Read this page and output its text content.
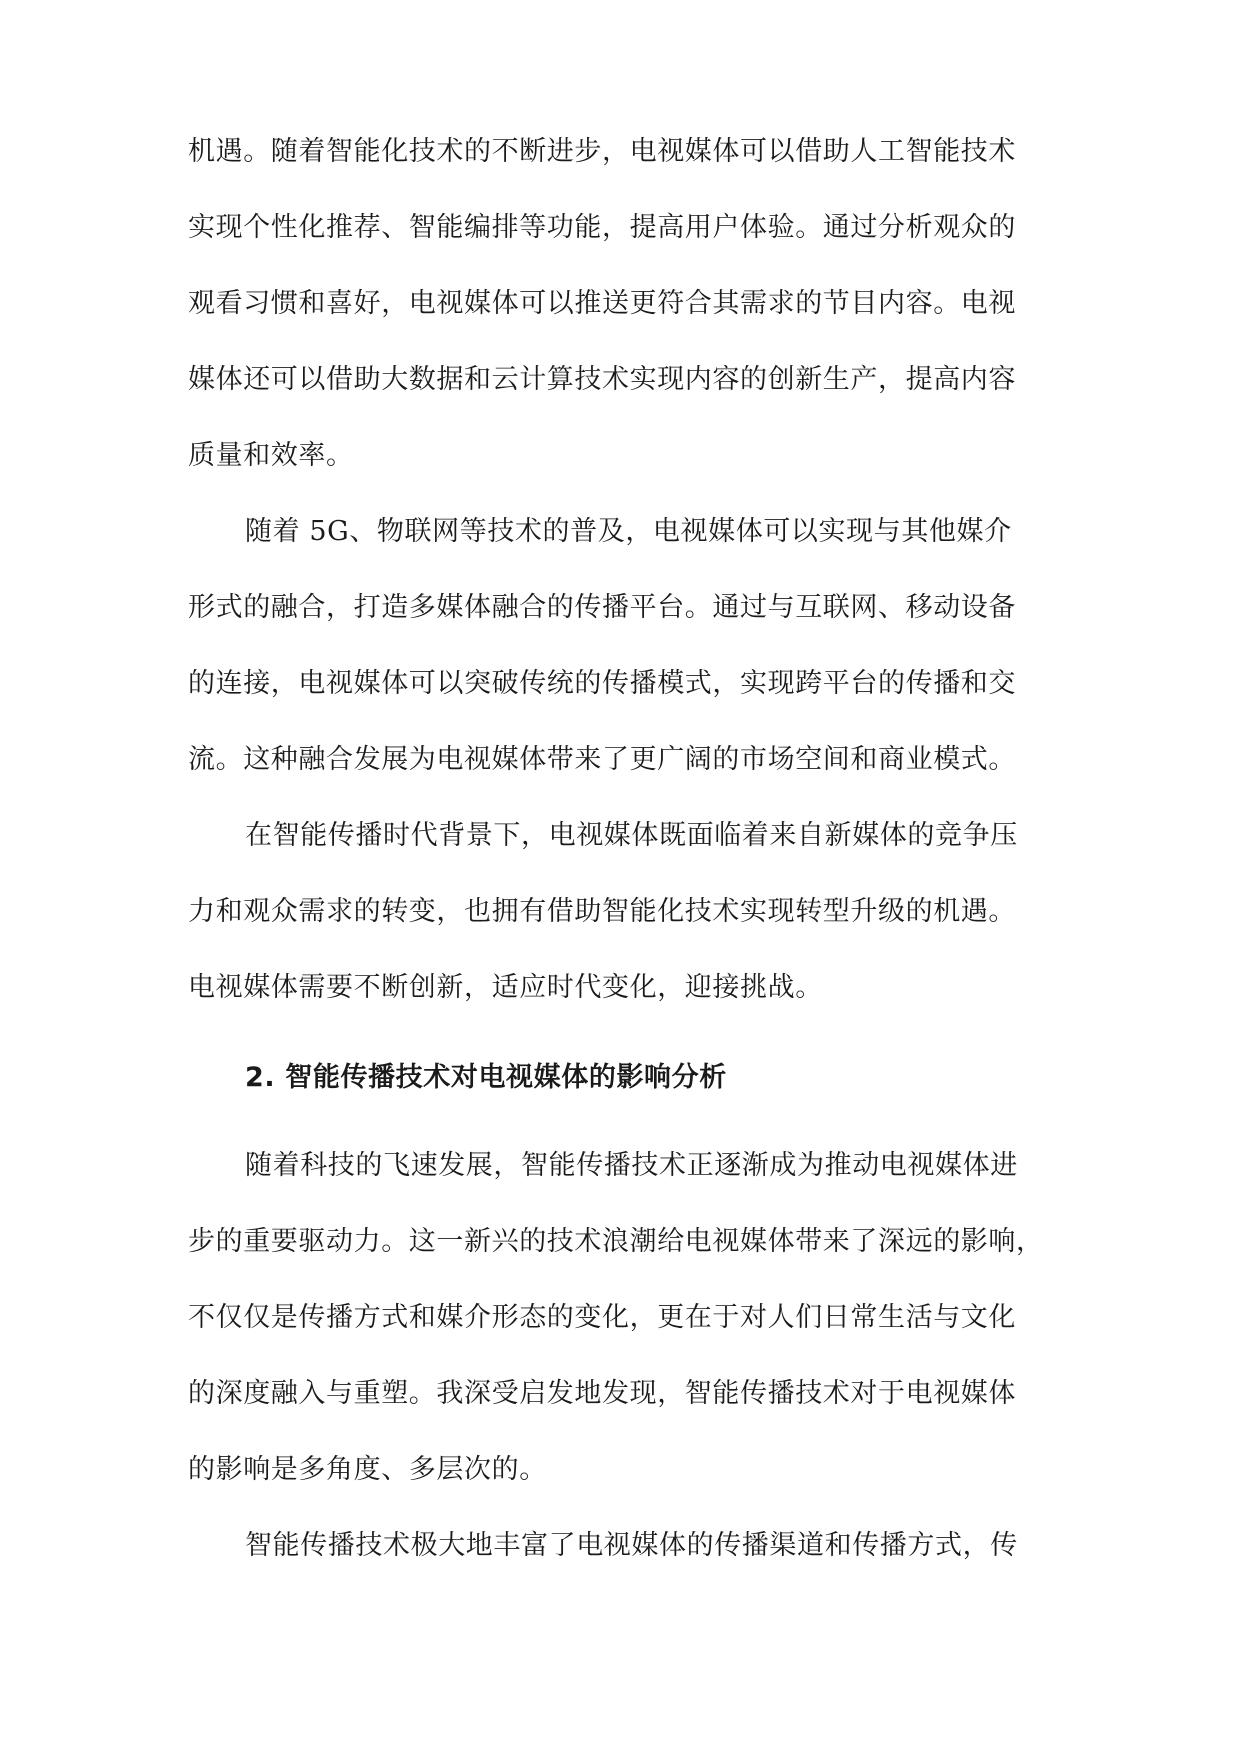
机遇。随着智能化技术的不断进步，电视媒体可以借助人工智能技术
实现个性化推荐、智能编排等功能，提高用户体验。通过分析观众的
观看习惯和喜好，电视媒体可以推送更符合其需求的节目内容。电视
媒体还可以借助大数据和云计算技术实现内容的创新生产，提高内容
质量和效率。
随着 5G、物联网等技术的普及，电视媒体可以实现与其他媒介
形式的融合，打造多媒体融合的传播平台。通过与互联网、移动设备
的连接，电视媒体可以突破传统的传播模式，实现跨平台的传播和交
流。这种融合发展为电视媒体带来了更广阔的市场空间和商业模式。
在智能传播时代背景下，电视媒体既面临着来自新媒体的竞争压
力和观众需求的转变，也拥有借助智能化技术实现转型升级的机遇。
电视媒体需要不断创新，适应时代变化，迎接挑战。
2. 智能传播技术对电视媒体的影响分析
随着科技的飞速发展，智能传播技术正逐渐成为推动电视媒体进
步的重要驱动力。这一新兴的技术浪潮给电视媒体带来了深远的影响，
不仅仅是传播方式和媒介形态的变化，更在于对人们日常生活与文化
的深度融入与重塑。我深受启发地发现，智能传播技术对于电视媒体
的影响是多角度、多层次的。
智能传播技术极大地丰富了电视媒体的传播渠道和传播方式，传
